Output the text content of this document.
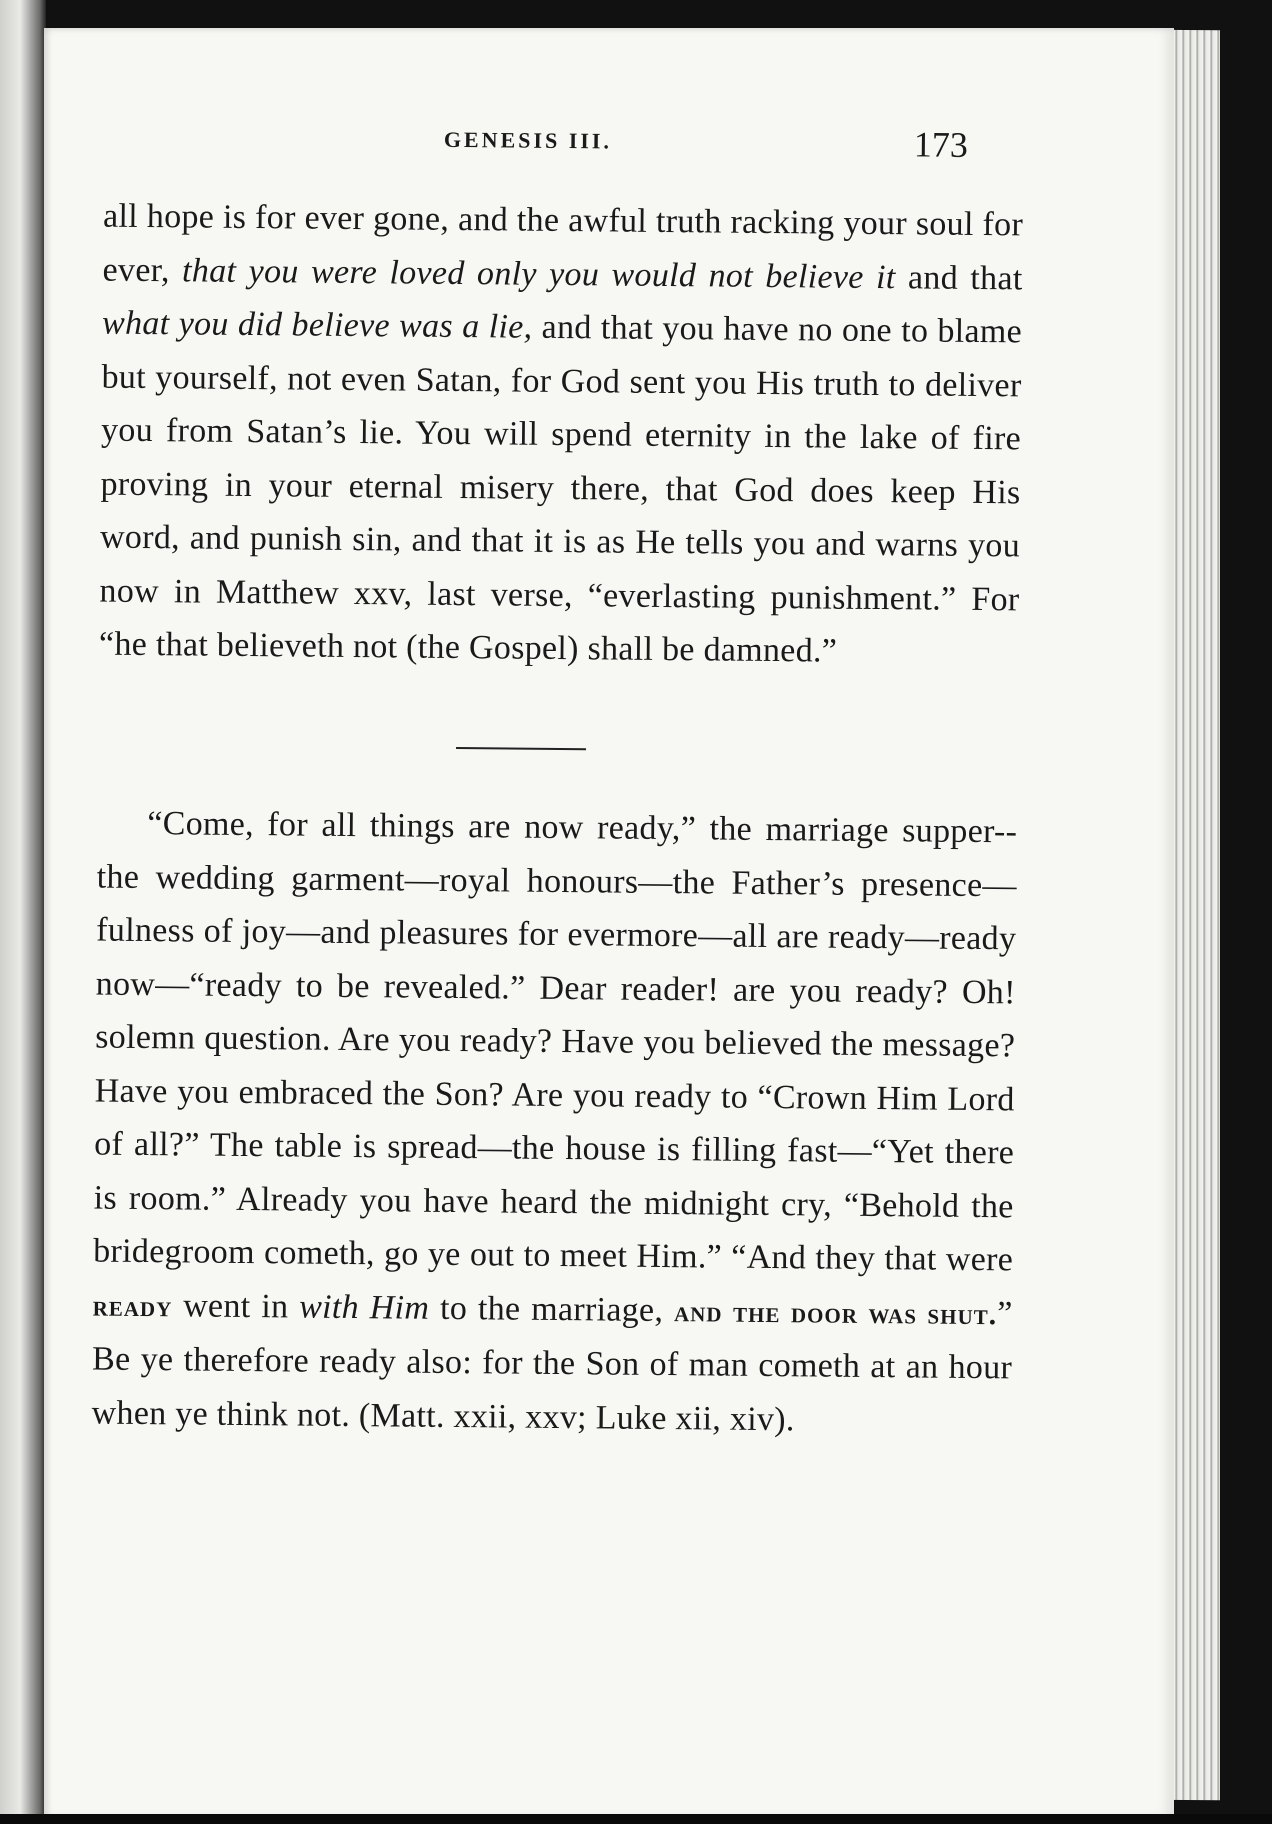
GENESIS III.	173
all hope is for ever gone, and the awful truth racking your soul for ever, that you were loved only you would not believe it and that what you did believe was a lie, and that you have no one to blame but yourself, not even Satan, for God sent you His truth to deliver you from Satan’s lie. You will spend eternity in the lake of fire proving in your eternal misery there, that God does keep His word, and punish sin, and that it is as He tells you and warns you now in Matthew xxv, last verse, “everlasting punishment.” For “he that believeth not (the Gospel) shall be damned.”
“Come, for all things are now ready,” the marriage supper--the wedding garment—royal honours—the Father’s presence—fulness of joy—and pleasures for evermore—all are ready—ready now—“ready to be revealed.” Dear reader! are you ready? Oh! solemn question. Are you ready? Have you believed the message? Have you embraced the Son? Are you ready to “Crown Him Lord of all?” The table is spread—the house is filling fast—“Yet there is room.” Already you have heard the midnight cry, “Behold the bridegroom cometh, go ye out to meet Him.” “And they that were ready went in with Him to the marriage, and the door was shut.” Be ye therefore ready also: for the Son of man cometh at an hour when ye think not. (Matt. xxii, xxv; Luke xii, xiv).
